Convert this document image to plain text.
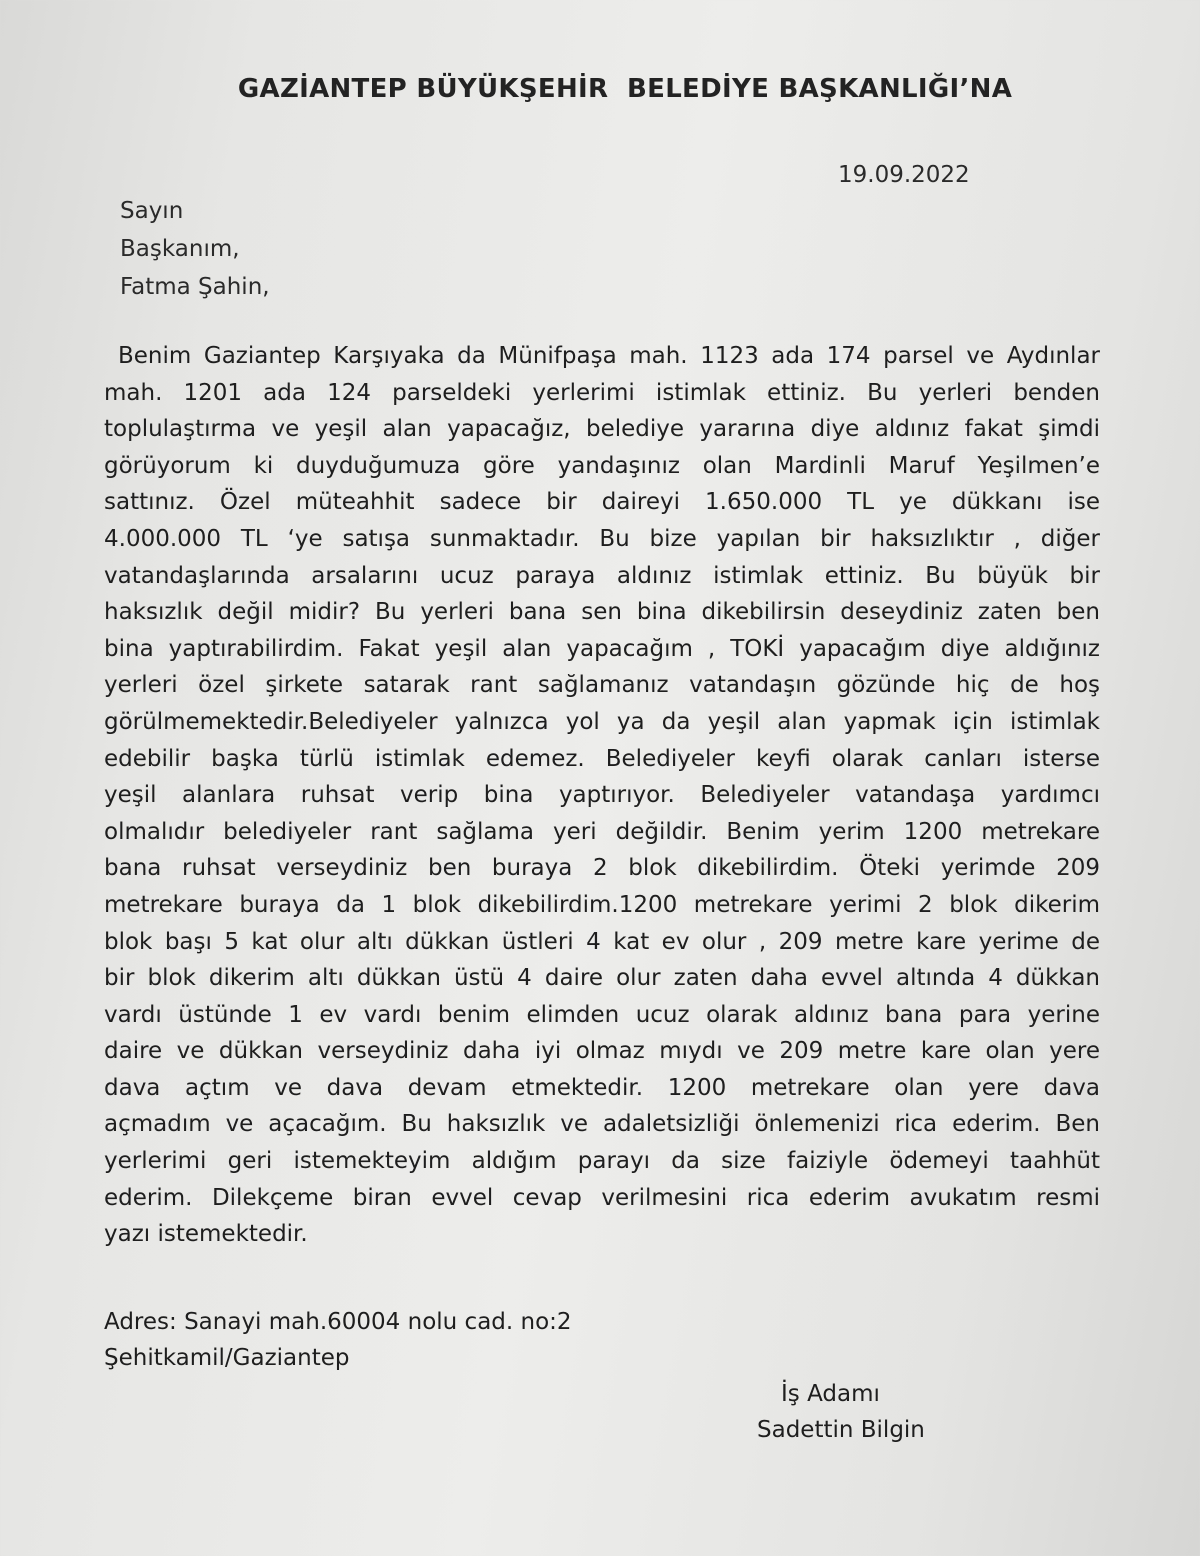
GAZİANTEP BÜYÜKŞEHİR  BELEDİYE BAŞKANLIĞI’NA
19.09.2022
Sayın
Başkanım,
Fatma Şahin,
Benim Gaziantep Karşıyaka da Münifpaşa mah. 1123 ada 174 parsel ve Aydınlar
mah. 1201 ada 124 parseldeki yerlerimi istimlak ettiniz. Bu yerleri benden
toplulaştırma ve yeşil alan yapacağız, belediye yararına diye aldınız fakat şimdi
görüyorum ki duyduğumuza göre yandaşınız olan Mardinli Maruf Yeşilmen’e
sattınız. Özel müteahhit sadece bir daireyi 1.650.000 TL ye dükkanı ise
4.000.000 TL ‘ye satışa sunmaktadır. Bu bize yapılan bir haksızlıktır , diğer
vatandaşlarında arsalarını ucuz paraya aldınız istimlak ettiniz. Bu büyük bir
haksızlık değil midir? Bu yerleri bana sen bina dikebilirsin deseydiniz zaten ben
bina yaptırabilirdim. Fakat yeşil alan yapacağım , TOKİ yapacağım diye aldığınız
yerleri özel şirkete satarak rant sağlamanız vatandaşın gözünde hiç de hoş
görülmemektedir.Belediyeler yalnızca yol ya da yeşil alan yapmak için istimlak
edebilir başka türlü istimlak edemez. Belediyeler keyfi olarak canları isterse
yeşil alanlara ruhsat verip bina yaptırıyor. Belediyeler vatandaşa yardımcı
olmalıdır belediyeler rant sağlama yeri değildir. Benim yerim 1200 metrekare
bana ruhsat verseydiniz ben buraya 2 blok dikebilirdim. Öteki yerimde 209
metrekare buraya da 1 blok dikebilirdim.1200 metrekare yerimi 2 blok dikerim
blok başı 5 kat olur altı dükkan üstleri 4 kat ev olur , 209 metre kare yerime de
bir blok dikerim altı dükkan üstü 4 daire olur zaten daha evvel altında 4 dükkan
vardı üstünde 1 ev vardı benim elimden ucuz olarak aldınız bana para yerine
daire ve dükkan verseydiniz daha iyi olmaz mıydı ve 209 metre kare olan yere
dava açtım ve dava devam etmektedir. 1200 metrekare olan yere dava
açmadım ve açacağım. Bu haksızlık ve adaletsizliği önlemenizi rica ederim. Ben
yerlerimi geri istemekteyim aldığım parayı da size faiziyle ödemeyi taahhüt
ederim. Dilekçeme biran evvel cevap verilmesini rica ederim avukatım resmi
yazı istemektedir.
Adres: Sanayi mah.60004 nolu cad. no:2
Şehitkamil/Gaziantep
İş Adamı
Sadettin Bilgin
